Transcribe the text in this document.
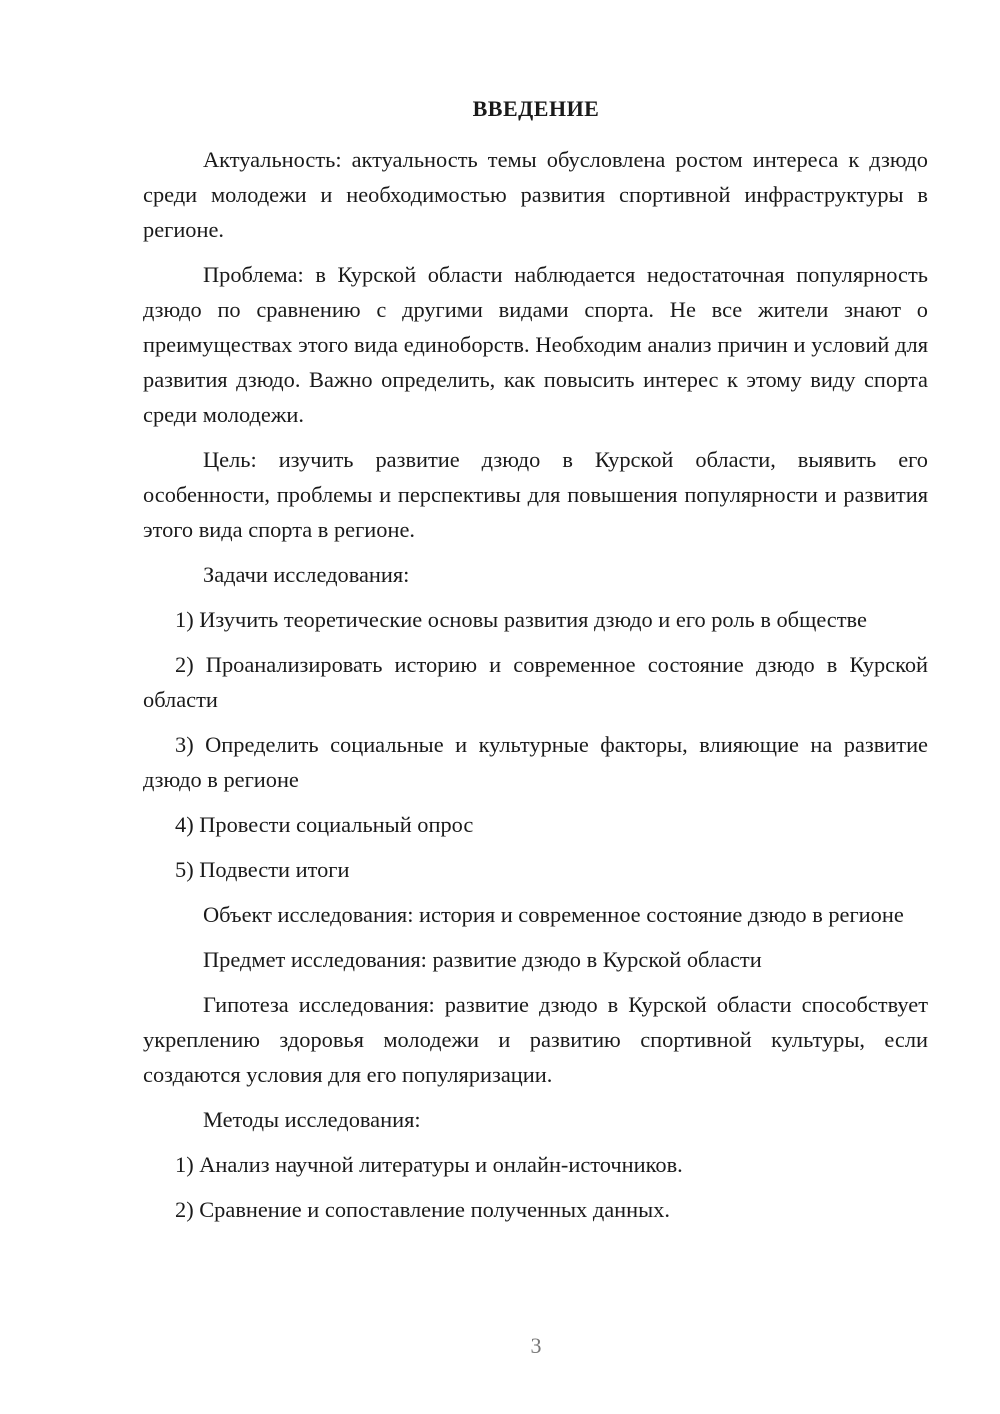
ВВЕДЕНИЕ

Актуальность: актуальность темы обусловлена ростом интереса к дзюдо среди молодежи и необходимостью развития спортивной инфраструктуры в регионе.

Проблема: в Курской области наблюдается недостаточная популярность дзюдо по сравнению с другими видами спорта. Не все жители знают о преимуществах этого вида единоборств. Необходим анализ причин и условий для развития дзюдо. Важно определить, как повысить интерес к этому виду спорта среди молодежи.

Цель: изучить развитие дзюдо в Курской области, выявить его особенности, проблемы и перспективы для повышения популярности и развития этого вида спорта в регионе.

Задачи исследования:

1) Изучить теоретические основы развития дзюдо и его роль в обществе

2) Проанализировать историю и современное состояние дзюдо в Курской области

3) Определить социальные и культурные факторы, влияющие на развитие дзюдо в регионе

4) Провести социальный опрос

5) Подвести итоги

Объект исследования: история и современное состояние дзюдо в регионе

Предмет исследования: развитие дзюдо в Курской области

Гипотеза исследования: развитие дзюдо в Курской области способствует укреплению здоровья молодежи и развитию спортивной культуры, если создаются условия для его популяризации.

Методы исследования:

1) Анализ научной литературы и онлайн-источников.

2) Сравнение и сопоставление полученных данных.

3
